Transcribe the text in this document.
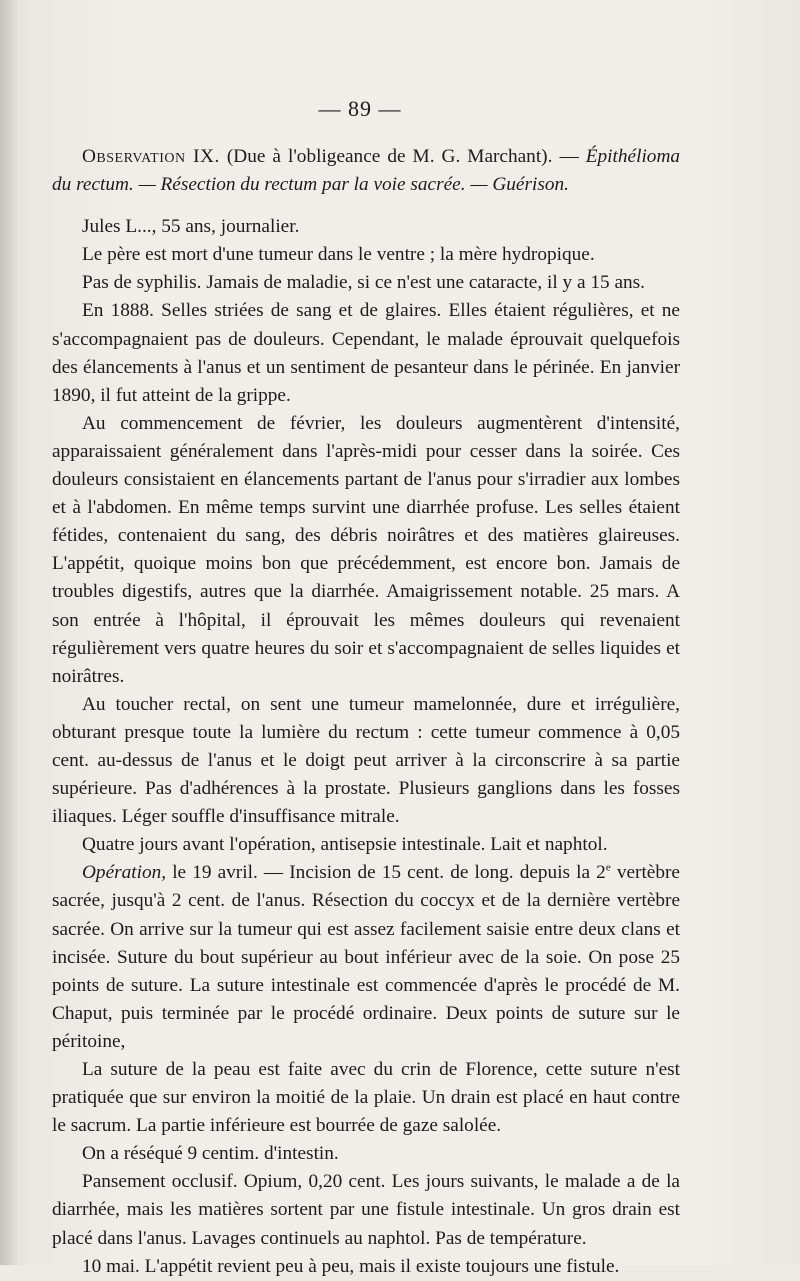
— 89 —

Observation IX. (Due à l'obligeance de M. G. Marchant). — Épithélioma du rectum. — Résection du rectum par la voie sacrée. — Guérison.

Jules L..., 55 ans, journalier.

Le père est mort d'une tumeur dans le ventre ; la mère hydropique.

Pas de syphilis. Jamais de maladie, si ce n'est une cataracte, il y a 15 ans.

En 1888. Selles striées de sang et de glaires. Elles étaient régulières, et ne s'accompagnaient pas de douleurs. Cependant, le malade éprouvait quelquefois des élancements à l'anus et un sentiment de pesanteur dans le périnée. En janvier 1890, il fut atteint de la grippe.

Au commencement de février, les douleurs augmentèrent d'intensité, apparaissaient généralement dans l'après-midi pour cesser dans la soirée. Ces douleurs consistaient en élancements partant de l'anus pour s'irradier aux lombes et à l'abdomen. En même temps survint une diarrhée profuse. Les selles étaient fétides, contenaient du sang, des débris noirâtres et des matières glaireuses. L'appétit, quoique moins bon que précédemment, est encore bon. Jamais de troubles digestifs, autres que la diarrhée. Amaigrissement notable. 25 mars. A son entrée à l'hôpital, il éprouvait les mêmes douleurs qui revenaient régulièrement vers quatre heures du soir et s'accompagnaient de selles liquides et noirâtres.

Au toucher rectal, on sent une tumeur mamelonnée, dure et irrégulière, obturant presque toute la lumière du rectum : cette tumeur commence à 0,05 cent. au-dessus de l'anus et le doigt peut arriver à la circonscrire à sa partie supérieure. Pas d'adhérences à la prostate. Plusieurs ganglions dans les fosses iliaques. Léger souffle d'insuffisance mitrale.

Quatre jours avant l'opération, antisepsie intestinale. Lait et naphtol.

Opération, le 19 avril. — Incision de 15 cent. de long. depuis la 2e vertèbre sacrée, jusqu'à 2 cent. de l'anus. Résection du coccyx et de la dernière vertèbre sacrée. On arrive sur la tumeur qui est assez facilement saisie entre deux clans et incisée. Suture du bout supérieur au bout inférieur avec de la soie. On pose 25 points de suture. La suture intestinale est commencée d'après le procédé de M. Chaput, puis terminée par le procédé ordinaire. Deux points de suture sur le péritoine,

La suture de la peau est faite avec du crin de Florence, cette suture n'est pratiquée que sur environ la moitié de la plaie. Un drain est placé en haut contre le sacrum. La partie inférieure est bourrée de gaze salolée.

On a réséqué 9 centim. d'intestin.

Pansement occlusif. Opium, 0,20 cent. Les jours suivants, le malade a de la diarrhée, mais les matières sortent par une fistule intestinale. Un gros drain est placé dans l'anus. Lavages continuels au naphtol. Pas de température.

10 mai. L'appétit revient peu à peu, mais il existe toujours une fistule.
